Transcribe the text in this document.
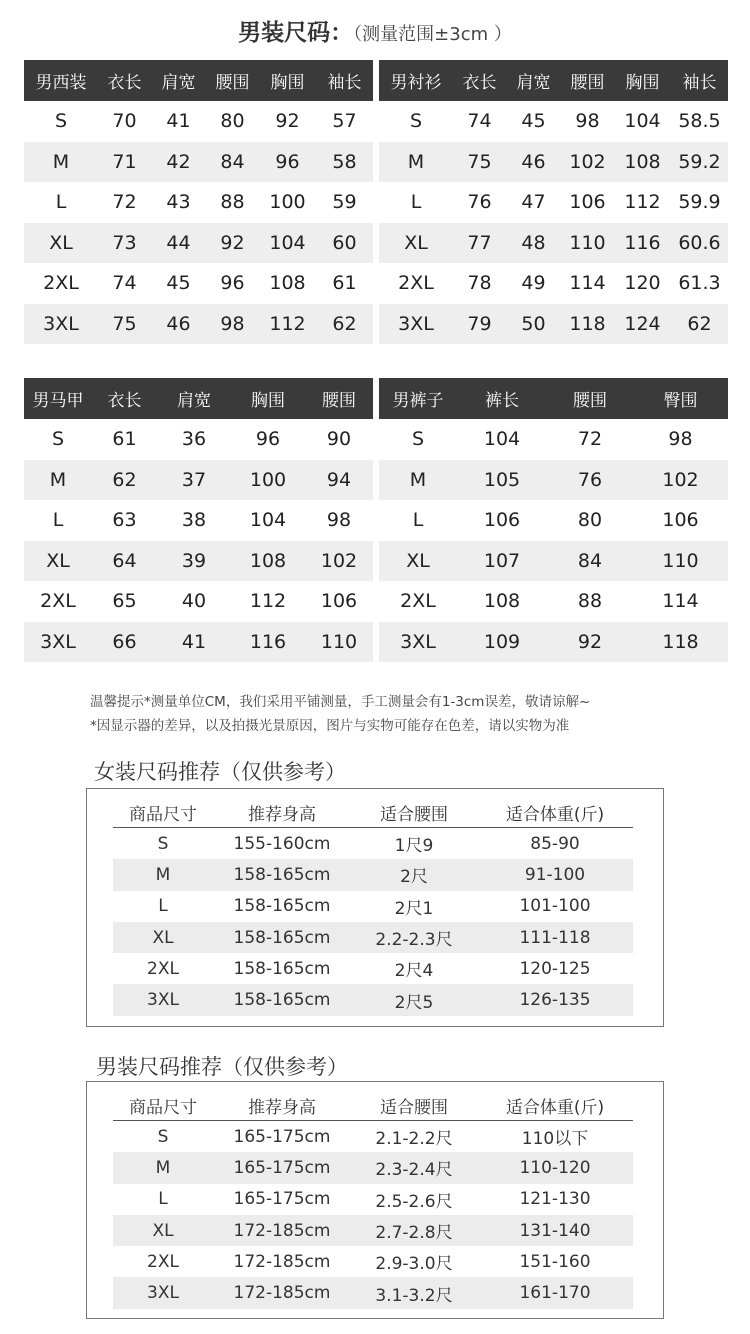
男装尺码：（测量范围±3cm ）
男西装	衣长	肩宽	腰围	胸围	袖长
S	70	41	80	92	57
M	71	42	84	96	58
L	72	43	88	100	59
XL	73	44	92	104	60
2XL	74	45	96	108	61
3XL	75	46	98	112	62
男衬衫	衣长	肩宽	腰围	胸围	袖长
S	74	45	98	104	58.5
M	75	46	102	108	59.2
L	76	47	106	112	59.9
XL	77	48	110	116	60.6
2XL	78	49	114	120	61.3
3XL	79	50	118	124	62
男马甲	衣长	肩宽	胸围	腰围
S	61	36	96	90
M	62	37	100	94
L	63	38	104	98
XL	64	39	108	102
2XL	65	40	112	106
3XL	66	41	116	110
男裤子	裤长	腰围	臀围
S	104	72	98
M	105	76	102
L	106	80	106
XL	107	84	110
2XL	108	88	114
3XL	109	92	118
温馨提示*测量单位CM，我们采用平铺测量，手工测量会有1-3cm误差，敬请谅解~
*因显示器的差异，以及拍摄光景原因，图片与实物可能存在色差，请以实物为准
女装尺码推荐（仅供参考）
商品尺寸	推荐身高	适合腰围	适合体重(斤)
S	155-160cm	1尺9	85-90
M	158-165cm	2尺	91-100
L	158-165cm	2尺1	101-100
XL	158-165cm	2.2-2.3尺	111-118
2XL	158-165cm	2尺4	120-125
3XL	158-165cm	2尺5	126-135
男装尺码推荐（仅供参考）
商品尺寸	推荐身高	适合腰围	适合体重(斤)
S	165-175cm	2.1-2.2尺	110以下
M	165-175cm	2.3-2.4尺	110-120
L	165-175cm	2.5-2.6尺	121-130
XL	172-185cm	2.7-2.8尺	131-140
2XL	172-185cm	2.9-3.0尺	151-160
3XL	172-185cm	3.1-3.2尺	161-170
